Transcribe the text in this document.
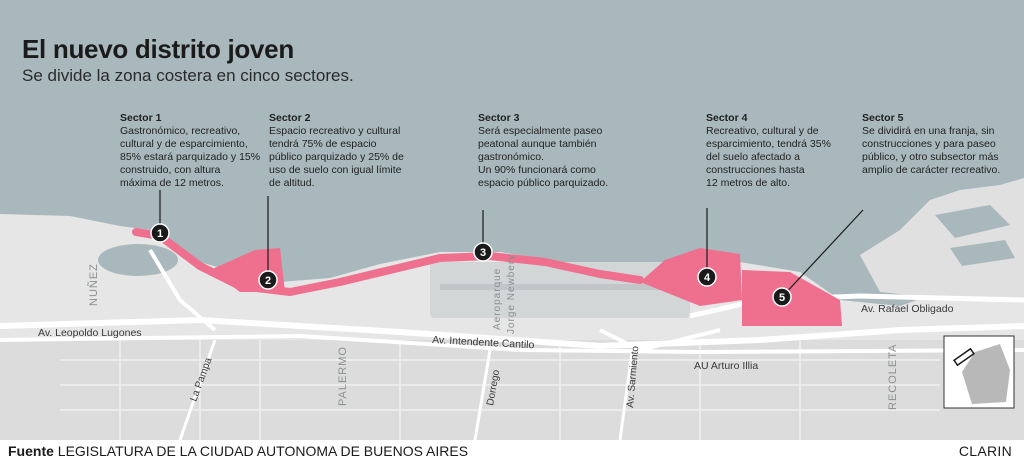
1
2
3
4
5
Av. Leopoldo Lugones
Av. Intendente Cantilo
AU Arturo Illia
Av. Rafael Obligado
La Pampa	Dorrego	Av. Sarmiento
NUÑEZ
PALERMO	RECOLETA
Aeroparque Jorge Newbery
El nuevo distrito joven
Se divide la zona costera en cinco sectores.
Sector 1
Gastronómico, recreativo,
cultural y de esparcimiento,
85% estará parquizado y 15%
construido, con altura
máxima de 12 metros.
Sector 2
Espacio recreativo y cultural
tendrá 75% de espacio
público parquizado y 25% de
uso de suelo con igual límite
de altitud.
Sector 3
Será especialmente paseo
peatonal aunque también
gastronómico.
Un 90% funcionará como
espacio público parquizado.
Sector 4
Recreativo, cultural y de
esparcimiento, tendrá 35%
del suelo afectado a
construcciones hasta
12 metros de alto.
Sector 5
Se dividirá en una franja, sin
construcciones y para paseo
público, y otro subsector más
amplio de carácter recreativo.
Fuente LEGISLATURA DE LA CIUDAD AUTONOMA DE BUENOS AIRES	CLARIN
